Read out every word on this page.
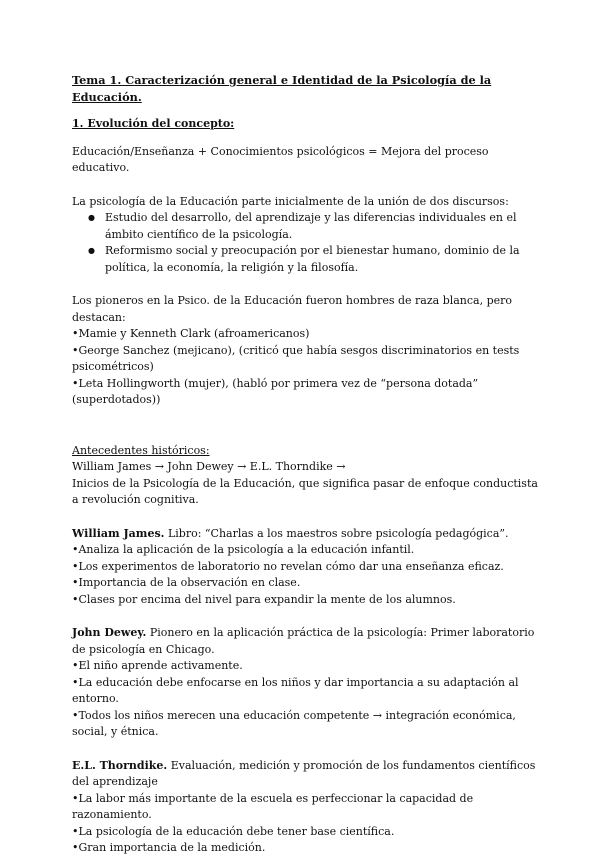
Tema 1. Caracterización general e Identidad de la Psicología de la Educación.

1. Evolución del concepto:

Educación/Enseñanza + Conocimientos psicológicos = Mejora del proceso educativo.

La psicología de la Educación parte inicialmente de la unión de dos discursos:

● Estudio del desarrollo, del aprendizaje y las diferencias individuales en el ámbito científico de la psicología.
● Reformismo social y preocupación por el bienestar humano, dominio de la política, la economía, la religión y la filosofía.

Los pioneros en la Psico. de la Educación fueron hombres de raza blanca, pero destacan:

•Mamie y Kenneth Clark (afroamericanos)

•George Sanchez (mejicano), (criticó que había sesgos discriminatorios en tests psicométricos)

•Leta Hollingworth (mujer), (habló por primera vez de “persona dotada” (superdotados))

Antecedentes históricos:

William James → John Dewey → E.L. Thorndike →

Inicios de la Psicología de la Educación, que significa pasar de enfoque conductista a revolución cognitiva.

William James. Libro: “Charlas a los maestros sobre psicología pedagógica”.

•Analiza la aplicación de la psicología a la educación infantil.

•Los experimentos de laboratorio no revelan cómo dar una enseñanza eficaz.

•Importancia de la observación en clase.

•Clases por encima del nivel para expandir la mente de los alumnos.

John Dewey. Pionero en la aplicación práctica de la psicología: Primer laboratorio de psicología en Chicago.

•El niño aprende activamente.

•La educación debe enfocarse en los niños y dar importancia a su adaptación al entorno.

•Todos los niños merecen una educación competente → integración económica, social, y étnica.

E.L. Thorndike. Evaluación, medición y promoción de los fundamentos científicos del aprendizaje

•La labor más importante de la escuela es perfeccionar la capacidad de razonamiento.

•La psicología de la educación debe tener base científica.

•Gran importancia de la medición.
